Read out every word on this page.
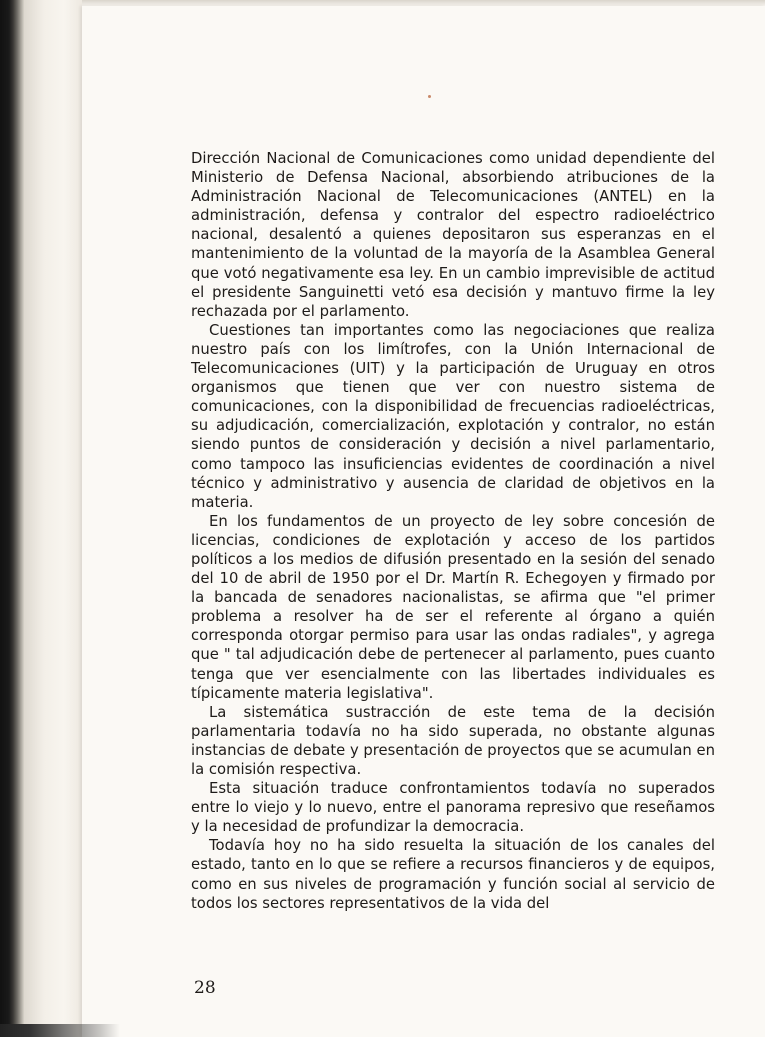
Dirección Nacional de Comunicaciones como unidad dependiente del Ministerio de Defensa Nacional, absorbiendo atribuciones de la Administración Nacional de Telecomunicaciones (ANTEL) en la administración, defensa y contralor del espectro radioeléctrico nacional, desalentó a quienes depositaron sus esperanzas en el mantenimiento de la voluntad de la mayoría de la Asamblea General que votó negativamente esa ley. En un cambio imprevisible de actitud el presidente Sanguinetti vetó esa decisión y mantuvo firme la ley rechazada por el parlamento.

Cuestiones tan importantes como las negociaciones que realiza nuestro país con los limítrofes, con la Unión Internacional de Telecomunicaciones (UIT) y la participación de Uruguay en otros organismos que tienen que ver con nuestro sistema de comunicaciones, con la disponibilidad de frecuencias radioeléctricas, su adjudicación, comercialización, explotación y contralor, no están siendo puntos de consideración y decisión a nivel parlamentario, como tampoco las insuficiencias evidentes de coordinación a nivel técnico y administrativo y ausencia de claridad de objetivos en la materia.

En los fundamentos de un proyecto de ley sobre concesión de licencias, condiciones de explotación y acceso de los partidos políticos a los medios de difusión presentado en la sesión del senado del 10 de abril de 1950 por el Dr. Martín R. Echegoyen y firmado por la bancada de senadores nacionalistas, se afirma que "el primer problema a resolver ha de ser el referente al órgano a quién corresponda otorgar permiso para usar las ondas radiales", y agrega que " tal adjudicación debe de pertenecer al parlamento, pues cuanto tenga que ver esencialmente con las libertades individuales es típicamente materia legislativa".

La sistemática sustracción de este tema de la decisión parlamentaria todavía no ha sido superada, no obstante algunas instancias de debate y presentación de proyectos que se acumulan en la comisión respectiva.

Esta situación traduce confrontamientos todavía no superados entre lo viejo y lo nuevo, entre el panorama represivo que reseñamos y la necesidad de profundizar la democracia.

Todavía hoy no ha sido resuelta la situación de los canales del estado, tanto en lo que se refiere a recursos financieros y de equipos, como en sus niveles de programación y función social al servicio de todos los sectores representativos de la vida del

28
